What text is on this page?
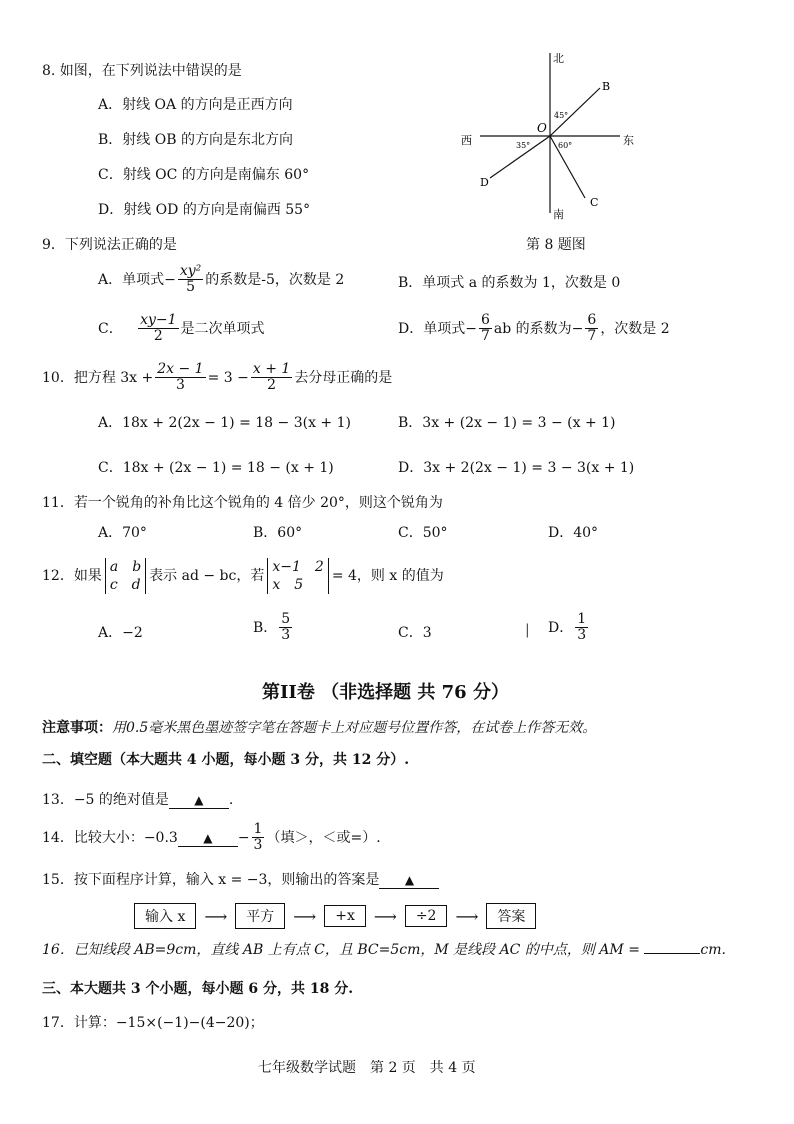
8. 如图，在下列说法中错误的是
A．射线 OA 的方向是正西方向
B．射线 OB 的方向是东北方向
C．射线 OC 的方向是南偏东 60°
D．射线 OD 的方向是南偏西 55°
北
南
东
西
O
B
C
D
45°
35°	60°
第 8 题图
9．下列说法正确的是
A．单项式− $\frac{\text{xy²}}{5}$ 的系数是-5，次数是 2	B．单项式 a 的系数为 1，次数是 0
C． $\frac{xy-1}{2}$ 是二次单项式	D．单项式− $\frac{6}{7}$ ab 的系数为− $\frac{6}{7}$ ，次数是 2
10．把方程 $3x + \frac{2x - 1}{3} = 3 - \frac{x + 1}{2}$ 去分母正确的是
A．18x + 2(2x − 1) = 18 − 3(x + 1)	B．3x + (2x − 1) = 3 − (x + 1)
C．18x + (2x − 1) = 18 − (x + 1)	D．3x + 2(2x − 1) = 3 − 3(x + 1)
11．若一个锐角的补角比这个锐角的 4 倍少 20°，则这个锐角为
A．70°	B．60°	C．50°	D．40°
12．如果
a b
c d
表示 ad − bc，若
x−1 2
x 5
= 4，则 x 的值为
A．−2	B． $\frac{5}{3}$	C．3	| D． $\frac{1}{3}$
第II卷 （非选择题 共 76 分）
注意事项：用0.5毫米黑色墨迹签字笔在答题卡上对应题号位置作答，在试卷上作答无效。
二、填空题（本大题共 4 小题，每小题 3 分，共 12 分）.
13．−5 的绝对值是 ▲ .
14．比较大小：−0.3 ▲ − $\frac{1}{3}$ （填＞，＜或=）.
15．按下面程序计算，输入 x = −3，则输出的答案是 ▲
输入 x	⟶	平方	⟶	+x	⟶	÷2	⟶	答案
16．已知线段 AB=9cm，直线 AB 上有点 C，且 BC=5cm，M 是线段 AC 的中点，则 AM =	cm.
三、本大题共 3 个小题，每小题 6 分，共 18 分.
17．计算：−15×(−1)−(4−20)；
七年级数学试题　第 2 页　共 4 页
